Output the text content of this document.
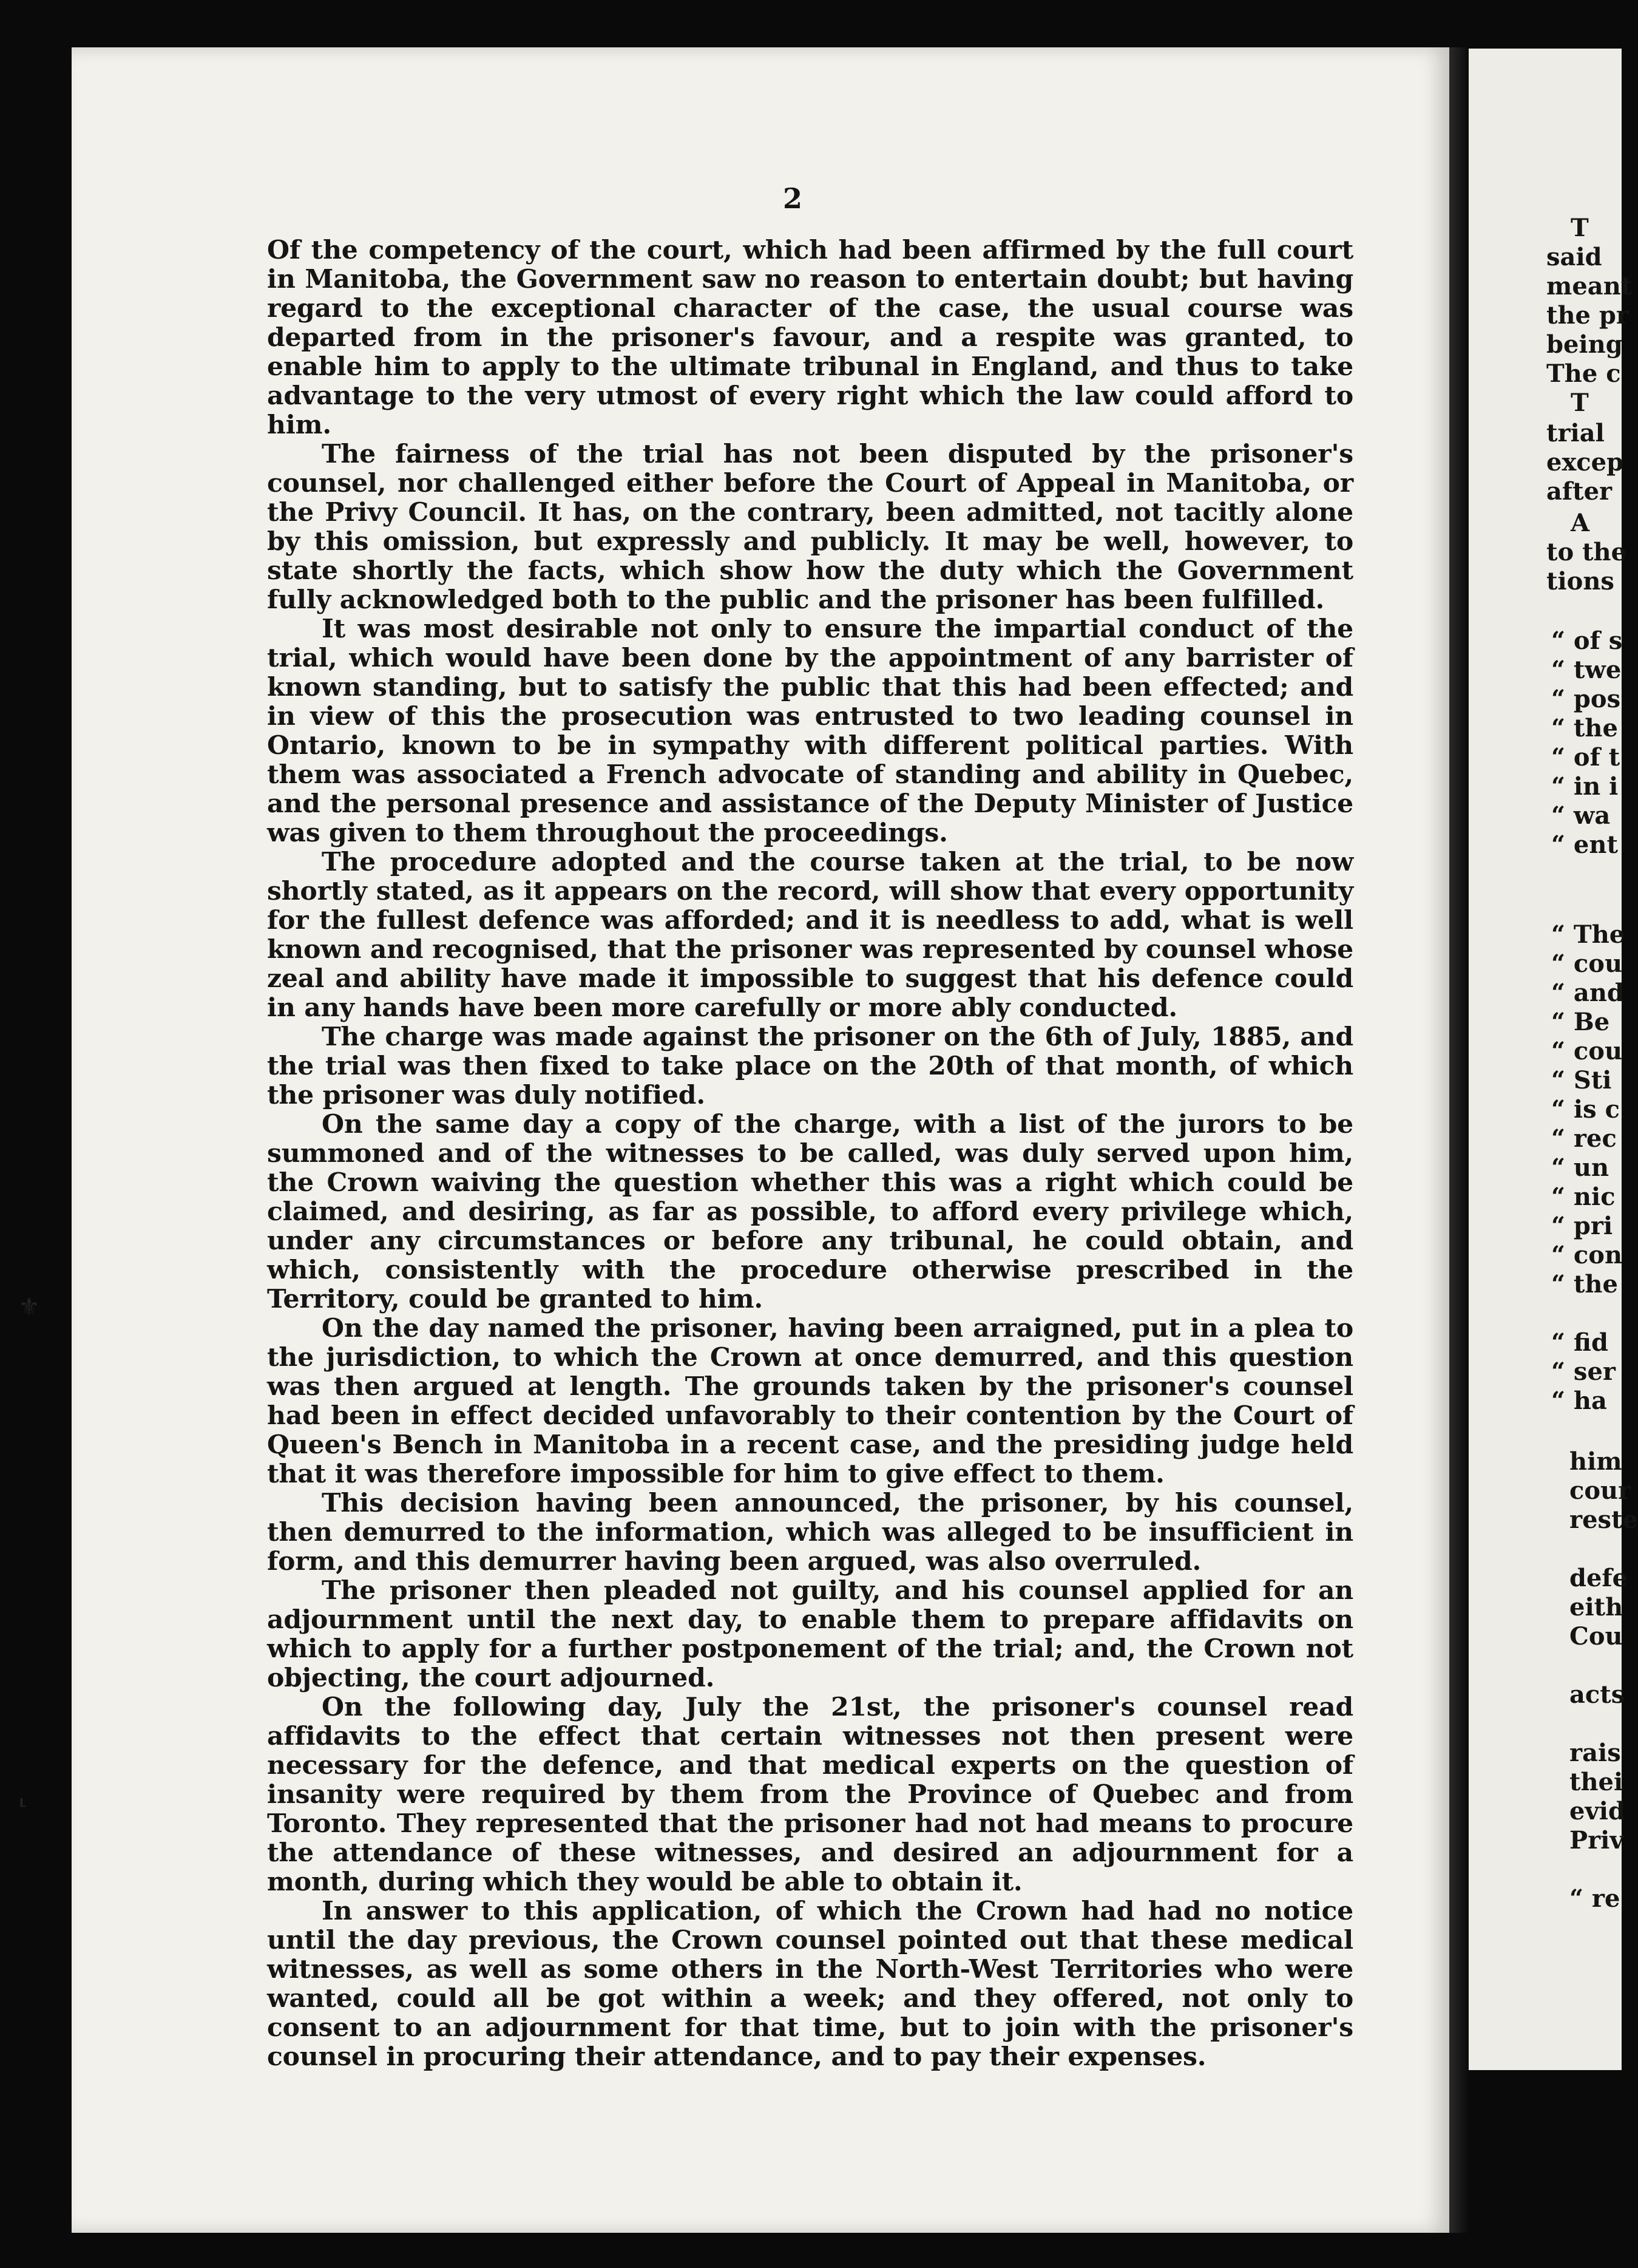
⚜
⸤
2

Of the competency of the court, which had been affirmed by the full court in Manitoba, the Government saw no reason to entertain doubt; but having regard to the exceptional character of the case, the usual course was departed from in the prisoner's favour, and a respite was granted, to enable him to apply to the ultimate tribunal in England, and thus to take advantage to the very utmost of every right which the law could afford to him.

The fairness of the trial has not been disputed by the prisoner's counsel, nor challenged either before the Court of Appeal in Manitoba, or the Privy Council. It has, on the contrary, been admitted, not tacitly alone by this omission, but expressly and publicly. It may be well, however, to state shortly the facts, which show how the duty which the Government fully acknowledged both to the public and the prisoner has been fulfilled.

It was most desirable not only to ensure the impartial conduct of the trial, which would have been done by the appointment of any barrister of known standing, but to satisfy the public that this had been effected; and in view of this the prosecution was entrusted to two leading counsel in Ontario, known to be in sympathy with different political parties. With them was associated a French advocate of standing and ability in Quebec, and the personal presence and assistance of the Deputy Minister of Justice was given to them throughout the proceedings.

The procedure adopted and the course taken at the trial, to be now shortly stated, as it appears on the record, will show that every opportunity for the fullest defence was afforded; and it is needless to add, what is well known and recognised, that the prisoner was represented by counsel whose zeal and ability have made it impossible to suggest that his defence could in any hands have been more carefully or more ably conducted.

The charge was made against the prisoner on the 6th of July, 1885, and the trial was then fixed to take place on the 20th of that month, of which the prisoner was duly notified.

On the same day a copy of the charge, with a list of the jurors to be summoned and of the witnesses to be called, was duly served upon him, the Crown waiving the question whether this was a right which could be claimed, and desiring, as far as possible, to afford every privilege which, under any circumstances or before any tribunal, he could obtain, and which, consistently with the procedure otherwise prescribed in the Territory, could be granted to him.

On the day named the prisoner, having been arraigned, put in a plea to the jurisdiction, to which the Crown at once demurred, and this question was then argued at length. The grounds taken by the prisoner's counsel had been in effect decided unfavorably to their contention by the Court of Queen's Bench in Manitoba in a recent case, and the presiding judge held that it was therefore impossible for him to give effect to them.

This decision having been announced, the prisoner, by his counsel, then demurred to the information, which was alleged to be insufficient in form, and this demurrer having been argued, was also overruled.

The prisoner then pleaded not guilty, and his counsel applied for an adjournment until the next day, to enable them to prepare affidavits on which to apply for a further postponement of the trial; and, the Crown not objecting, the court adjourned.

On the following day, July the 21st, the prisoner's counsel read affidavits to the effect that certain witnesses not then present were necessary for the defence, and that medical experts on the question of insanity were required by them from the Province of Quebec and from Toronto. They represented that the prisoner had not had means to procure the attendance of these witnesses, and desired an adjournment for a month, during which they would be able to obtain it.

In answer to this application, of which the Crown had had no notice until the day previous, the Crown counsel pointed out that these medical witnesses, as well as some others in the North-West Territories who were wanted, could all be got within a week; and they offered, not only to consent to an adjournment for that time, but to join with the prisoner's counsel in procuring their attendance, and to pay their expenses.

T

said

meant

the pr

being

The c

T

trial

excep

after

A

to the

tions

“ of s

“ twe

“ pos

“ the

“ of t

“ in i

“ wa

“ ent

“ The

“ cou

“ and

“ Be

“ cou

“ Sti

“ is c

“ rec

“ un

“ nic

“ pri

“ con

“ the

“ fid

“ ser

“ ha

him

cour

reste

defe

eith

Cou

acts

rais

thei

evid

Priv

“ re
